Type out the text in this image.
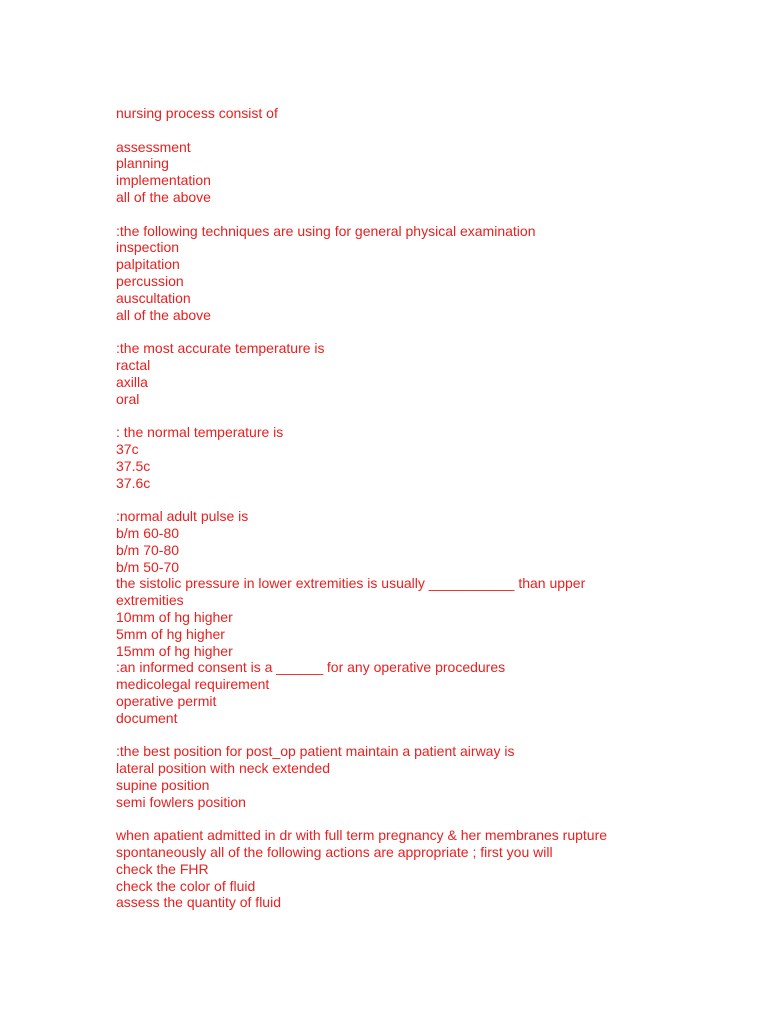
nursing process consist of
assessment
planning
implementation
all of the above
:the following techniques are using for general physical examination
inspection
palpitation
percussion
auscultation
all of the above
:the most accurate temperature is
ractal
axilla
oral
: the normal temperature is
37c
37.5c
37.6c
:normal adult pulse is
b/m 60-80
b/m 70-80
b/m 50-70
the sistolic pressure in lower extremities is usually ___________ than upper extremities
10mm of hg higher
5mm of hg higher
15mm of hg higher
:an informed consent is a ______ for any operative procedures
medicolegal requirement
operative permit
document
:the best position for post_op patient maintain a patient airway is
lateral position with neck extended
supine position
semi fowlers position
when apatient admitted in dr with full term pregnancy & her membranes rupture spontaneously all of the following actions are appropriate ; first you will
check the FHR
check the color of fluid
assess the quantity of fluid
